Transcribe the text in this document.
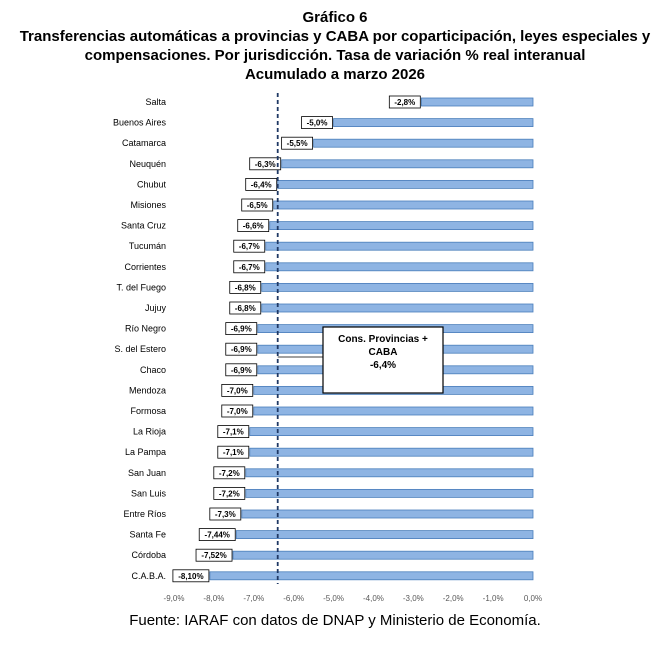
Gráfico 6
Transferencias automáticas a provincias y CABA por coparticipación, leyes especiales y
compensaciones. Por jurisdicción. Tasa de variación % real interanual
Acumulado a marzo 2026
Salta	-2,8%
Buenos Aires	-5,0%
Catamarca	-5,5%
Neuquén	-6,3%
Chubut	-6,4%
Misiones	-6,5%
Santa Cruz	-6,6%
Tucumán	-6,7%
Corrientes	-6,7%
T. del Fuego	-6,8%
Jujuy	-6,8%
Río Negro	-6,9%
S. del Estero	-6,9%
Chaco	-6,9%
Mendoza	-7,0%
Formosa	-7,0%
La Rioja	-7,1%
La Pampa	-7,1%
San Juan	-7,2%
San Luis	-7,2%
Entre Ríos	-7,3%
Santa Fe	-7,44%
Córdoba	-7,52%
C.A.B.A. -8,10%
Cons. Provincias +
CABA
-6,4%
-9,0% -8,0% -7,0% -6,0% -5,0% -4,0% -3,0% -2,0% -1,0%	0,0%
Fuente: IARAF con datos de DNAP y Ministerio de Economía.
